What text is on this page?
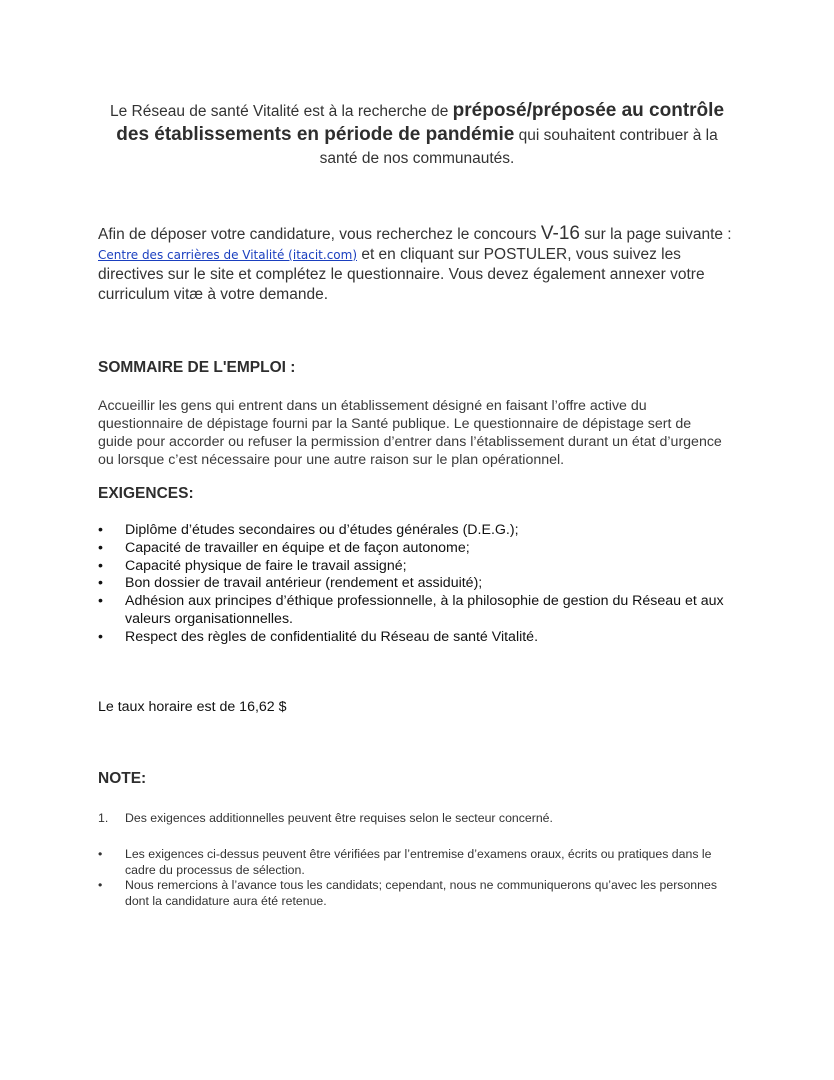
Le Réseau de santé Vitalité est à la recherche de préposé/préposée au contrôle des établissements en période de pandémie qui souhaitent contribuer à la santé de nos communautés.

Afin de déposer votre candidature, vous recherchez le concours V-16 sur la page suivante : Centre des carrières de Vitalité (itacit.com) et en cliquant sur POSTULER, vous suivez les directives sur le site et complétez le questionnaire. Vous devez également annexer votre curriculum vitæ à votre demande.

SOMMAIRE DE L'EMPLOI :

Accueillir les gens qui entrent dans un établissement désigné en faisant l’offre active du questionnaire de dépistage fourni par la Santé publique. Le questionnaire de dépistage sert de guide pour accorder ou refuser la permission d’entrer dans l’établissement durant un état d’urgence ou lorsque c’est nécessaire pour une autre raison sur le plan opérationnel.

EXIGENCES:
• Diplôme d’études secondaires ou d’études générales (D.E.G.);
• Capacité de travailler en équipe et de façon autonome;
• Capacité physique de faire le travail assigné;
• Bon dossier de travail antérieur (rendement et assiduité);
• Adhésion aux principes d’éthique professionnelle, à la philosophie de gestion du Réseau et aux valeurs organisationnelles.
• Respect des règles de confidentialité du Réseau de santé Vitalité.

Le taux horaire est de 16,62 $

NOTE:
1. Des exigences additionnelles peuvent être requises selon le secteur concerné.
• Les exigences ci-dessus peuvent être vérifiées par l’entremise d’examens oraux, écrits ou pratiques dans le cadre du processus de sélection.
• Nous remercions à l’avance tous les candidats; cependant, nous ne communiquerons qu’avec les personnes dont la candidature aura été retenue.
